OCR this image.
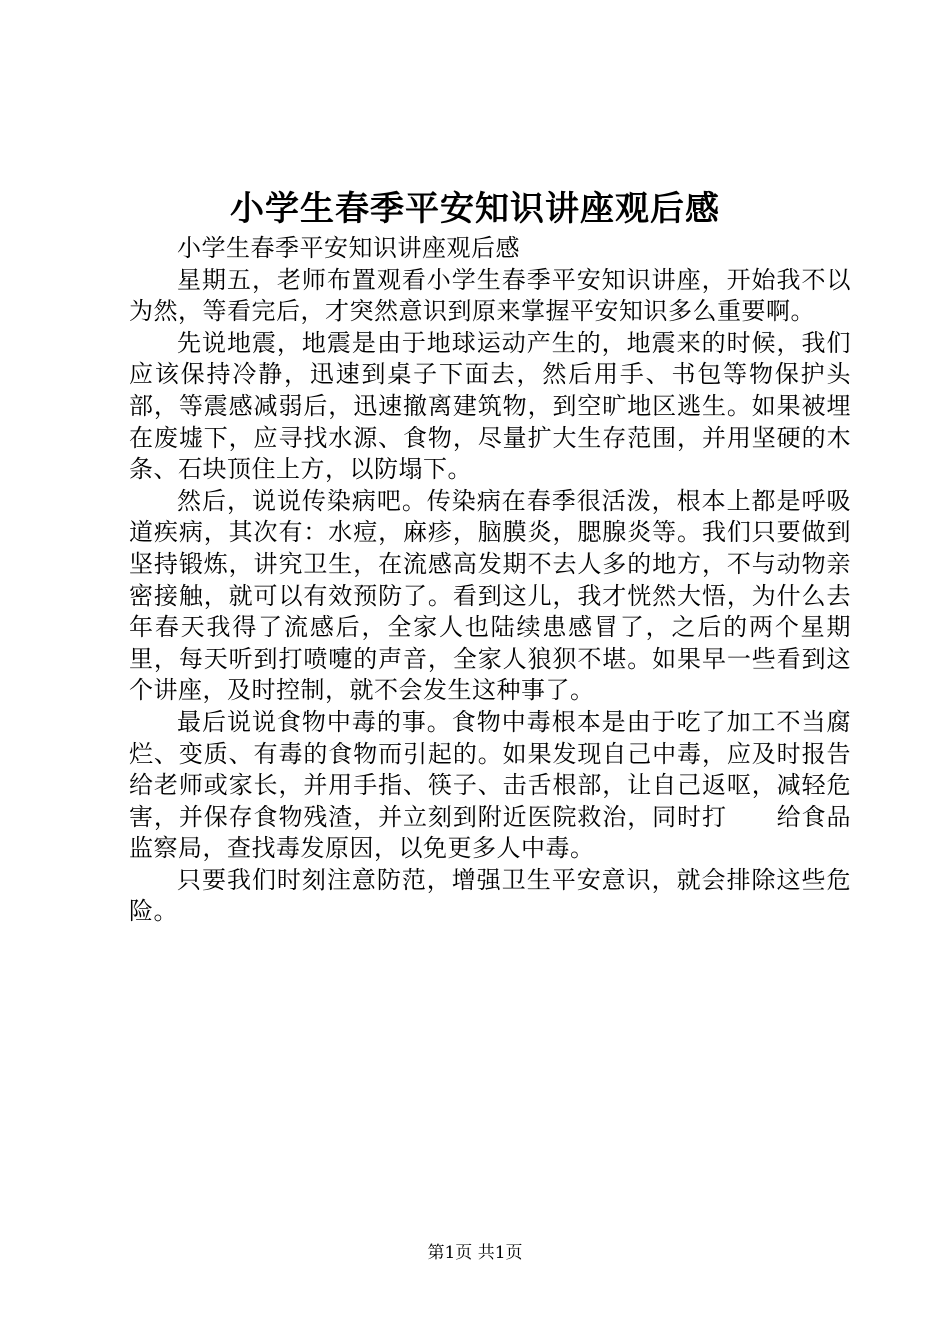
小学生春季平安知识讲座观后感

小学生春季平安知识讲座观后感

星期五，老师布置观看小学生春季平安知识讲座，开始我不以为然，等看完后，才突然意识到原来掌握平安知识多么重要啊。

先说地震，地震是由于地球运动产生的，地震来的时候，我们应该保持冷静，迅速到桌子下面去，然后用手、书包等物保护头部，等震感减弱后，迅速撤离建筑物，到空旷地区逃生。如果被埋在废墟下，应寻找水源、食物，尽量扩大生存范围，并用坚硬的木条、石块顶住上方，以防塌下。

然后，说说传染病吧。传染病在春季很活泼，根本上都是呼吸道疾病，其次有：水痘，麻疹，脑膜炎，腮腺炎等。我们只要做到坚持锻炼，讲究卫生，在流感高发期不去人多的地方，不与动物亲密接触，就可以有效预防了。看到这儿，我才恍然大悟，为什么去年春天我得了流感后，全家人也陆续患感冒了，之后的两个星期里，每天听到打喷嚏的声音，全家人狼狈不堪。如果早一些看到这个讲座，及时控制，就不会发生这种事了。

最后说说食物中毒的事。食物中毒根本是由于吃了加工不当腐烂、变质、有毒的食物而引起的。如果发现自己中毒，应及时报告给老师或家长，并用手指、筷子、击舌根部，让自己返呕，减轻危害，并保存食物残渣，并立刻到附近医院救治，同时打　　给食品监察局，查找毒发原因，以免更多人中毒。

只要我们时刻注意防范，增强卫生平安意识，就会排除这些危险。

第1页 共1页
